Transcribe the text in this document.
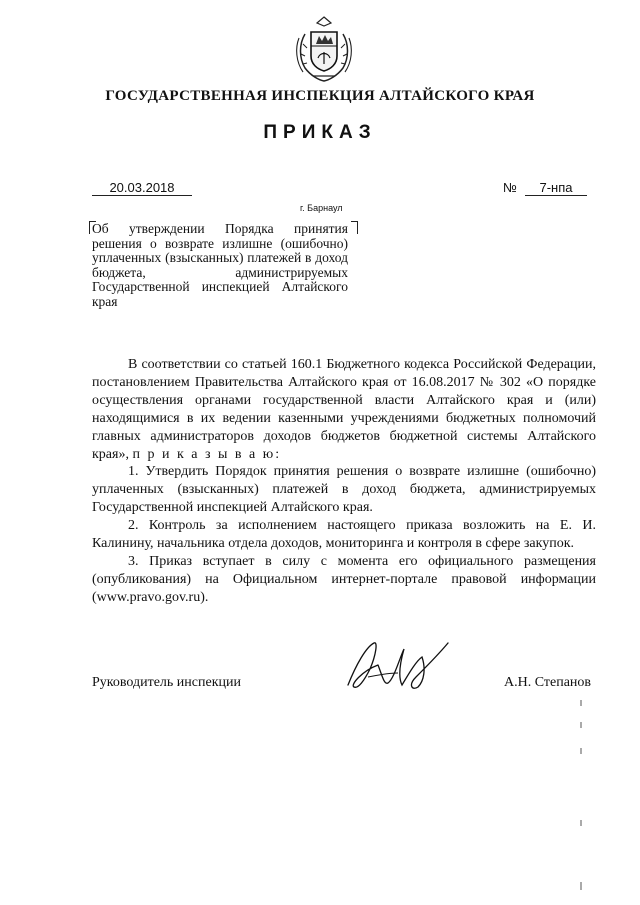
ГОСУДАРСТВЕННАЯ ИНСПЕКЦИЯ АЛТАЙСКОГО КРАЯ
ПРИКАЗ
20.03.2018	№	7-нпа
г. Барнаул
Об утверждении Порядка принятия решения о возврате излишне (ошибочно) уплаченных (взысканных) платежей в доход бюджета, администрируемых Государственной инспекцией Алтайского края

В соответствии со статьей 160.1 Бюджетного кодекса Российской Федерации, постановлением Правительства Алтайского края от 16.08.2017 № 302 «О порядке осуществления органами государственной власти Алтайского края и (или) находящимися в их ведении казенными учреждениями бюджетных полномочий главных администраторов доходов бюджетов бюджетной системы Алтайского края», п р и к а з ы в а ю:

1. Утвердить Порядок принятия решения о возврате излишне (ошибочно) уплаченных (взысканных) платежей в доход бюджета, администрируемых Государственной инспекцией Алтайского края.

2. Контроль за исполнением настоящего приказа возложить на Е. И. Калинину, начальника отдела доходов, мониторинга и контроля в сфере закупок.

3. Приказ вступает в силу с момента его официального размещения (опубликования) на Официальном интернет-портале правовой информации (www.pravo.gov.ru).

Руководитель инспекции	А.Н. Степанов
